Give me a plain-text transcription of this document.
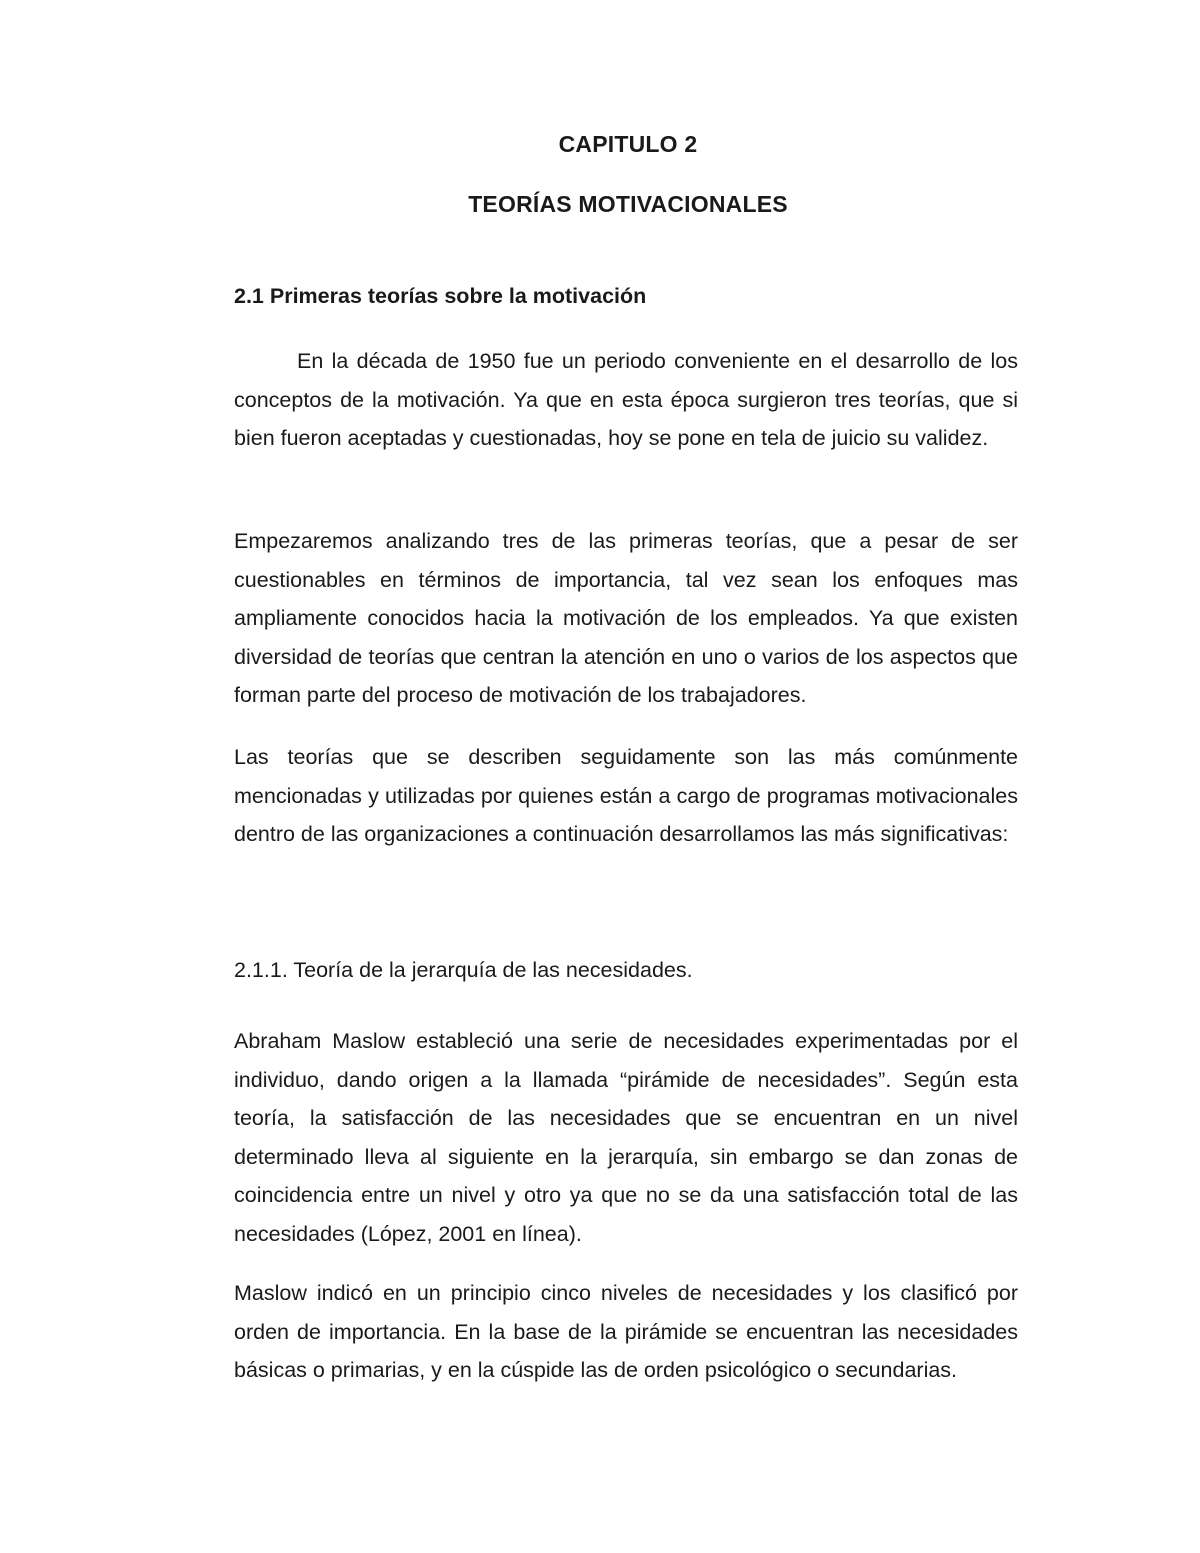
CAPITULO 2
TEORÍAS MOTIVACIONALES
2.1 Primeras teorías sobre la motivación

En la década de 1950 fue un periodo conveniente en el desarrollo de los conceptos de la motivación. Ya que en esta época surgieron tres teorías, que si bien fueron aceptadas y cuestionadas, hoy se pone en tela de juicio su validez.

Empezaremos analizando tres de las primeras teorías, que a pesar de ser cuestionables en términos de importancia, tal vez sean los enfoques mas ampliamente conocidos hacia la motivación de los empleados. Ya que existen diversidad de teorías que centran la atención en uno o varios de los aspectos que forman parte del proceso de motivación de los trabajadores.

Las teorías que se describen seguidamente son las más comúnmente mencionadas y utilizadas por quienes están a cargo de programas motivacionales dentro de las organizaciones a continuación desarrollamos las más significativas:

2.1.1. Teoría de la jerarquía de las necesidades.

Abraham Maslow estableció una serie de necesidades experimentadas por el individuo, dando origen a la llamada “pirámide de necesidades”. Según esta teoría, la satisfacción de las necesidades que se encuentran en un nivel determinado lleva al siguiente en la jerarquía, sin embargo se dan zonas de coincidencia entre un nivel y otro ya que no se da una satisfacción total de las necesidades (López, 2001 en línea).

Maslow indicó en un principio cinco niveles de necesidades y los clasificó por orden de importancia. En la base de la pirámide se encuentran las necesidades básicas o primarias, y en la cúspide las de orden psicológico o secundarias.
